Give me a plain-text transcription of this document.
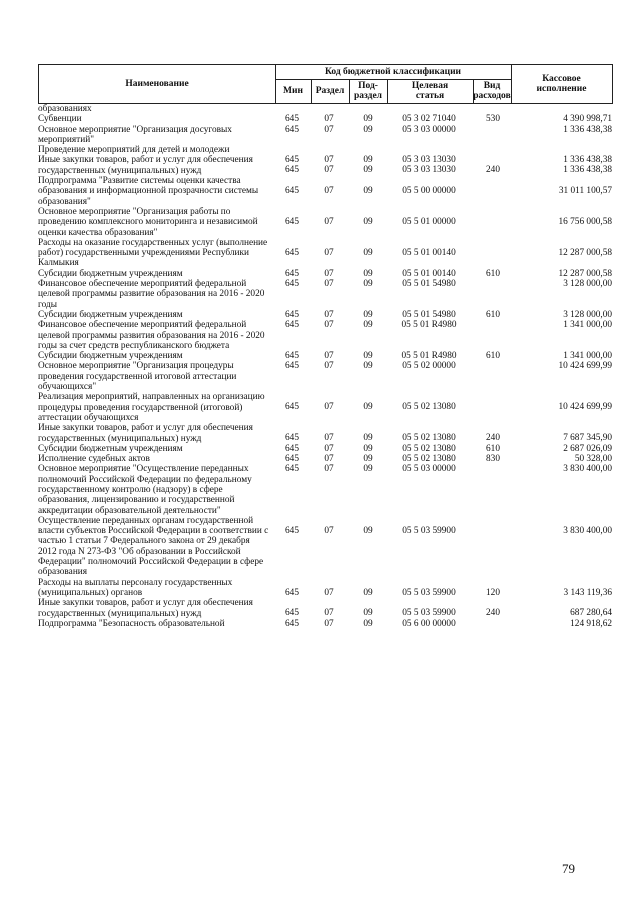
Наименование
Код бюджетной классификации
Мин	Раздел	Под-
раздел
Целевая
статья
Вид
расходов
Кассовое
исполнение
образованиях
Субвенции	645	07	09	05 3 02 71040	530	4 390 998,71
Основное мероприятие "Организация досуговых мероприятий"
645	07	09	05 3 03 00000	1 336 438,38
Проведение мероприятий для детей и молодежи
645	07	09	05 3 03 13030	1 336 438,38
Иные закупки товаров, работ и услуг для обеспечения государственных (муниципальных) нужд	645	07	09	05 3 03 13030	240	1 336 438,38
Подпрограмма "Развитие системы оценки качества образования и информационной прозрачности системы образования"
645	07	09	05 5 00 00000	31 011 100,57
Основное мероприятие "Организация работы по проведению комплексного мониторинга и независимой оценки качества образования"
645	07	09	05 5 01 00000	16 756 000,58
Расходы на оказание государственных услуг (выполнение работ) государственными учреждениями Республики Калмыкия
645	07	09	05 5 01 00140	12 287 000,58
Субсидии бюджетным учреждениям	645	07	09	05 5 01 00140	610	12 287 000,58
Финансовое обеспечение мероприятий федеральной целевой программы развитие образования на 2016 - 2020 годы
645	07	09	05 5 01 54980	3 128 000,00
Субсидии бюджетным учреждениям	645	07	09	05 5 01 54980	610	3 128 000,00
Финансовое обеспечение мероприятий федеральной целевой программы развития образования на 2016 - 2020 годы за счет средств республиканского бюджета
645	07	09	05 5 01 R4980	1 341 000,00
Субсидии бюджетным учреждениям	645	07	09	05 5 01 R4980	610	1 341 000,00
Основное мероприятие "Организация процедуры проведения государственной итоговой аттестации обучающихся"
645	07	09	05 5 02 00000	10 424 699,99
Реализация мероприятий, направленных на организацию процедуры проведения государственной (итоговой) аттестации обучающихся
645	07	09	05 5 02 13080	10 424 699,99
Иные закупки товаров, работ и услуг для обеспечения государственных (муниципальных) нужд	645	07	09	05 5 02 13080	240	7 687 345,90
Субсидии бюджетным учреждениям	645	07	09	05 5 02 13080	610	2 687 026,09
Исполнение судебных актов	645	07	09	05 5 02 13080	830	50 328,00
Основное мероприятие "Осуществление переданных полномочий Российской Федерации по федеральному государственному контролю (надзору) в сфере образования, лицензированию и государственной аккредитации образовательной деятельности"
645	07	09	05 5 03 00000	3 830 400,00
Осуществление переданных органам государственной власти субъектов Российской Федерации в соответствии с частью 1 статьи 7 Федерального закона от 29 декабря 2012 года N 273-ФЗ "Об образовании в Российской Федерации" полномочий Российской Федерации в сфере образования
645	07	09	05 5 03 59900	3 830 400,00
Расходы на выплаты персоналу государственных (муниципальных) органов	645	07	09	05 5 03 59900	120	3 143 119,36
Иные закупки товаров, работ и услуг для обеспечения государственных (муниципальных) нужд	645	07	09	05 5 03 59900	240	687 280,64
Подпрограмма "Безопасность образовательной	645	07	09	05 6 00 00000	124 918,62
79
